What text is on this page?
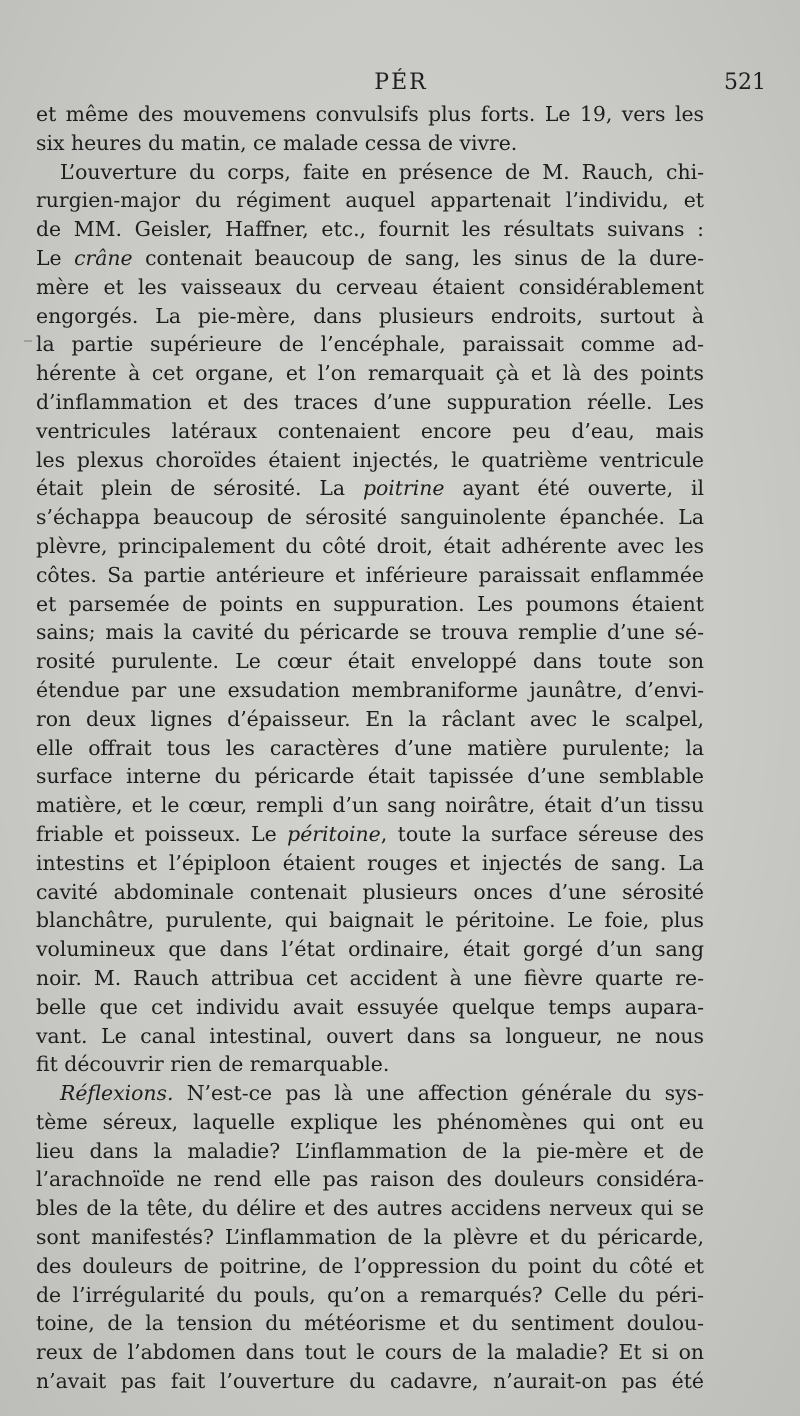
PÉR	521
et même des mouvemens convulsifs plus forts. Le 19, vers les
six heures du matin, ce malade cessa de vivre.
L’ouverture du corps, faite en présence de M. Rauch, chi-
rurgien-major du régiment auquel appartenait l’individu, et
de MM. Geisler, Haffner, etc., fournit les résultats suivans :
Le crâne contenait beaucoup de sang, les sinus de la dure-
mère et les vaisseaux du cerveau étaient considérablement
engorgés. La pie-mère, dans plusieurs endroits, surtout à
la partie supérieure de l’encéphale, paraissait comme ad-
hérente à cet organe, et l’on remarquait çà et là des points
d’inflammation et des traces d’une suppuration réelle. Les
ventricules latéraux contenaient encore peu d’eau, mais
les plexus choroïdes étaient injectés, le quatrième ventricule
était plein de sérosité. La poitrine ayant été ouverte, il
s’échappa beaucoup de sérosité sanguinolente épanchée. La
plèvre, principalement du côté droit, était adhérente avec les
côtes. Sa partie antérieure et inférieure paraissait enflammée
et parsemée de points en suppuration. Les poumons étaient
sains; mais la cavité du péricarde se trouva remplie d’une sé-
rosité purulente. Le cœur était enveloppé dans toute son
étendue par une exsudation membraniforme jaunâtre, d’envi-
ron deux lignes d’épaisseur. En la râclant avec le scalpel,
elle offrait tous les caractères d’une matière purulente; la
surface interne du péricarde était tapissée d’une semblable
matière, et le cœur, rempli d’un sang noirâtre, était d’un tissu
friable et poisseux. Le péritoine, toute la surface séreuse des
intestins et l’épiploon étaient rouges et injectés de sang. La
cavité abdominale contenait plusieurs onces d’une sérosité
blanchâtre, purulente, qui baignait le péritoine. Le foie, plus
volumineux que dans l’état ordinaire, était gorgé d’un sang
noir. M. Rauch attribua cet accident à une fièvre quarte re-
belle que cet individu avait essuyée quelque temps aupara-
vant. Le canal intestinal, ouvert dans sa longueur, ne nous
fit découvrir rien de remarquable.
Réflexions. N’est-ce pas là une affection générale du sys-
tème séreux, laquelle explique les phénomènes qui ont eu
lieu dans la maladie? L’inflammation de la pie-mère et de
l’arachnoïde ne rend elle pas raison des douleurs considéra-
bles de la tête, du délire et des autres accidens nerveux qui se
sont manifestés? L’inflammation de la plèvre et du péricarde,
des douleurs de poitrine, de l’oppression du point du côté et
de l’irrégularité du pouls, qu’on a remarqués? Celle du péri-
toine, de la tension du météorisme et du sentiment doulou-
reux de l’abdomen dans tout le cours de la maladie? Et si on
n’avait pas fait l’ouverture du cadavre, n’aurait-on pas été
